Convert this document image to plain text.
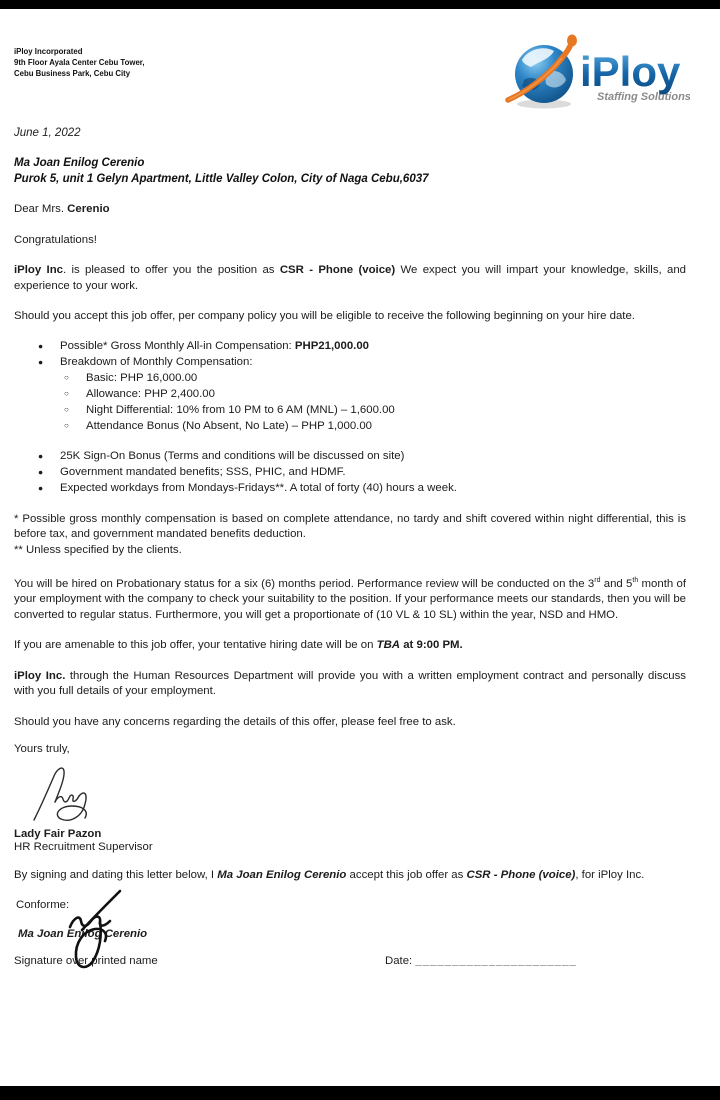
iPloy Incorporated
9th Floor Ayala Center Cebu Tower,
Cebu Business Park, Cebu City	iPloy
Staffing Solutions

June 1, 2022

Ma Joan Enilog Cerenio
Purok 5, unit 1 Gelyn Apartment, Little Valley Colon, City of Naga Cebu,6037

Dear Mrs. Cerenio

Congratulations!

iPloy Inc. is pleased to offer you the position as CSR - Phone (voice) We expect you will impart your knowledge, skills, and experience to your work.

Should you accept this job offer, per company policy you will be eligible to receive the following beginning on your hire date.

●	Possible* Gross Monthly All-in Compensation: PHP21,000.00
●	Breakdown of Monthly Compensation:
○	Basic: PHP 16,000.00
○	Allowance: PHP 2,400.00
○	Night Differential: 10% from 10 PM to 6 AM (MNL) – 1,600.00
○	Attendance Bonus (No Absent, No Late) – PHP 1,000.00
●	25K Sign-On Bonus (Terms and conditions will be discussed on site)
●	Government mandated benefits; SSS, PHIC, and HDMF.
●	Expected workdays from Mondays-Fridays**. A total of forty (40) hours a week.

* Possible gross monthly compensation is based on complete attendance, no tardy and shift covered within night differential, this is before tax, and government mandated benefits deduction.

** Unless specified by the clients.

You will be hired on Probationary status for a six (6) months period. Performance review will be conducted on the 3rd and 5th month of your employment with the company to check your suitability to the position. If your performance meets our standards, then you will be converted to regular status. Furthermore, you will get a proportionate of (10 VL & 10 SL) within the year, NSD and HMO.

If you are amenable to this job offer, your tentative hiring date will be on TBA at 9:00 PM.

iPloy Inc. through the Human Resources Department will provide you with a written employment contract and personally discuss with you full details of your employment.

Should you have any concerns regarding the details of this offer, please feel free to ask.

Yours truly,

Lady Fair Pazon

HR Recruitment Supervisor

By signing and dating this letter below, I Ma Joan Enilog Cerenio accept this job offer as CSR - Phone (voice), for iPloy Inc.

Conforme:

Ma Joan Enilog Cerenio

Signature over printed name	Date: ______________________
